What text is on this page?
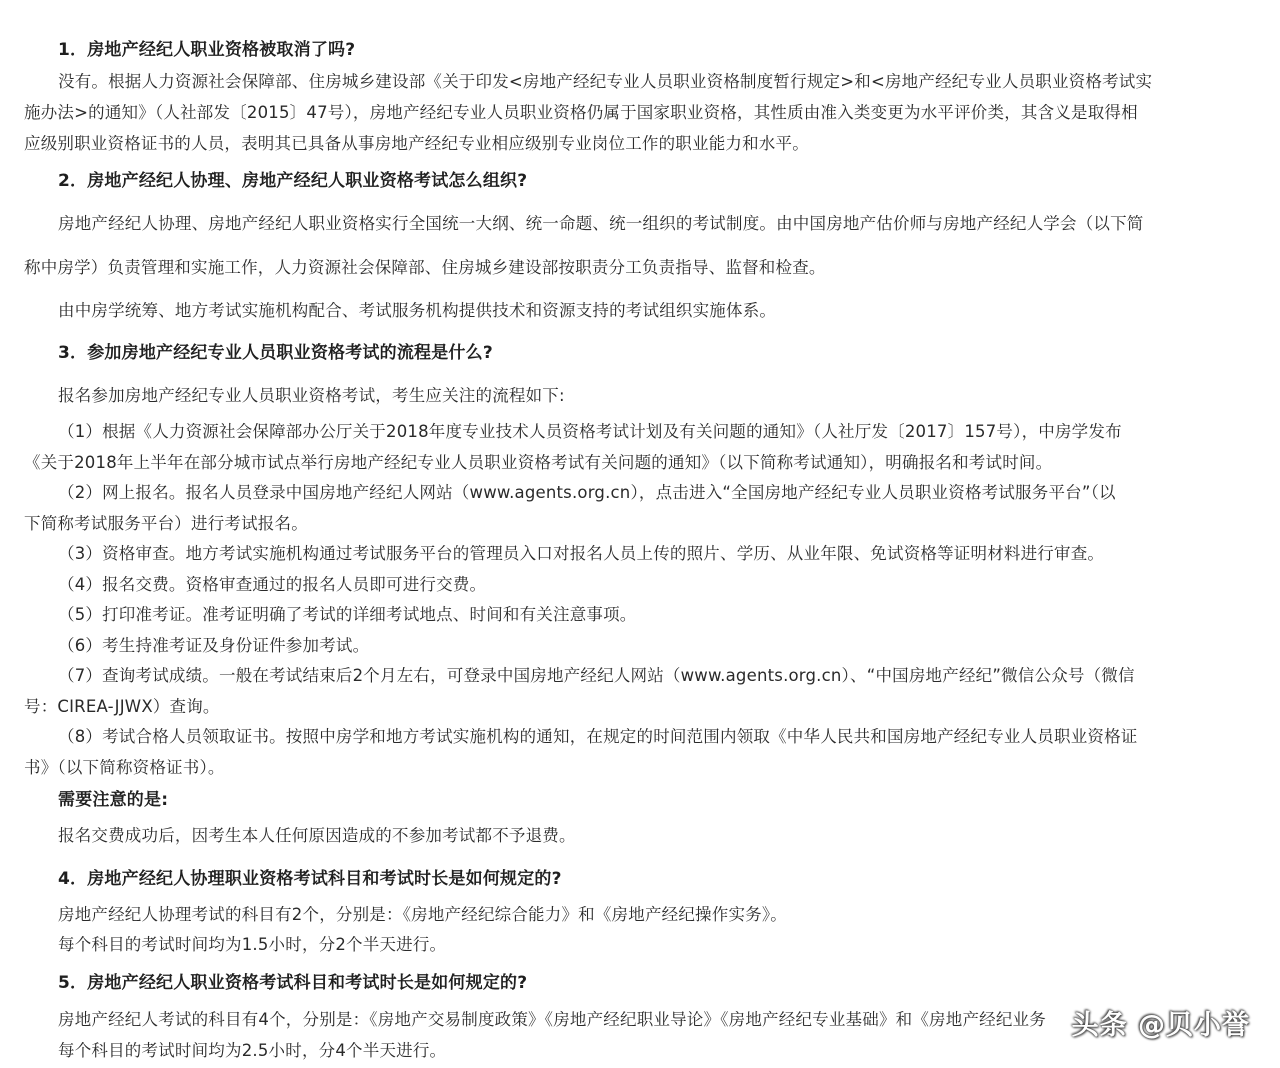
1．房地产经纪人职业资格被取消了吗?
没有。根据人力资源社会保障部、住房城乡建设部《关于印发<房地产经纪专业人员职业资格制度暂行规定>和<房地产经纪专业人员职业资格考试实
施办法>的通知》（人社部发〔2015〕47号），房地产经纪专业人员职业资格仍属于国家职业资格，其性质由准入类变更为水平评价类，其含义是取得相
应级别职业资格证书的人员，表明其已具备从事房地产经纪专业相应级别专业岗位工作的职业能力和水平。
2．房地产经纪人协理、房地产经纪人职业资格考试怎么组织?
房地产经纪人协理、房地产经纪人职业资格实行全国统一大纲、统一命题、统一组织的考试制度。由中国房地产估价师与房地产经纪人学会（以下简
称中房学）负责管理和实施工作，人力资源社会保障部、住房城乡建设部按职责分工负责指导、监督和检查。
由中房学统筹、地方考试实施机构配合、考试服务机构提供技术和资源支持的考试组织实施体系。
3．参加房地产经纪专业人员职业资格考试的流程是什么?
报名参加房地产经纪专业人员职业资格考试，考生应关注的流程如下:
（1）根据《人力资源社会保障部办公厅关于2018年度专业技术人员资格考试计划及有关问题的通知》（人社厅发〔2017〕157号），中房学发布
《关于2018年上半年在部分城市试点举行房地产经纪专业人员职业资格考试有关问题的通知》（以下简称考试通知），明确报名和考试时间。
（2）网上报名。报名人员登录中国房地产经纪人网站（www.agents.org.cn），点击进入“全国房地产经纪专业人员职业资格考试服务平台”（以
下简称考试服务平台）进行考试报名。
（3）资格审查。地方考试实施机构通过考试服务平台的管理员入口对报名人员上传的照片、学历、从业年限、免试资格等证明材料进行审查。
（4）报名交费。资格审查通过的报名人员即可进行交费。
（5）打印准考证。准考证明确了考试的详细考试地点、时间和有关注意事项。
（6）考生持准考证及身份证件参加考试。
（7）查询考试成绩。一般在考试结束后2个月左右，可登录中国房地产经纪人网站（www.agents.org.cn）、“中国房地产经纪”微信公众号（微信
号：CIREA-JJWX）查询。
（8）考试合格人员领取证书。按照中房学和地方考试实施机构的通知，在规定的时间范围内领取《中华人民共和国房地产经纪专业人员职业资格证
书》（以下简称资格证书）。
需要注意的是:
报名交费成功后，因考生本人任何原因造成的不参加考试都不予退费。
4．房地产经纪人协理职业资格考试科目和考试时长是如何规定的?
房地产经纪人协理考试的科目有2个，分别是：《房地产经纪综合能力》和《房地产经纪操作实务》。
每个科目的考试时间均为1.5小时，分2个半天进行。
5．房地产经纪人职业资格考试科目和考试时长是如何规定的?
房地产经纪人考试的科目有4个，分别是：《房地产交易制度政策》《房地产经纪职业导论》《房地产经纪专业基础》和《房地产经纪业务
每个科目的考试时间均为2.5小时，分4个半天进行。
头条 @贝小誉
